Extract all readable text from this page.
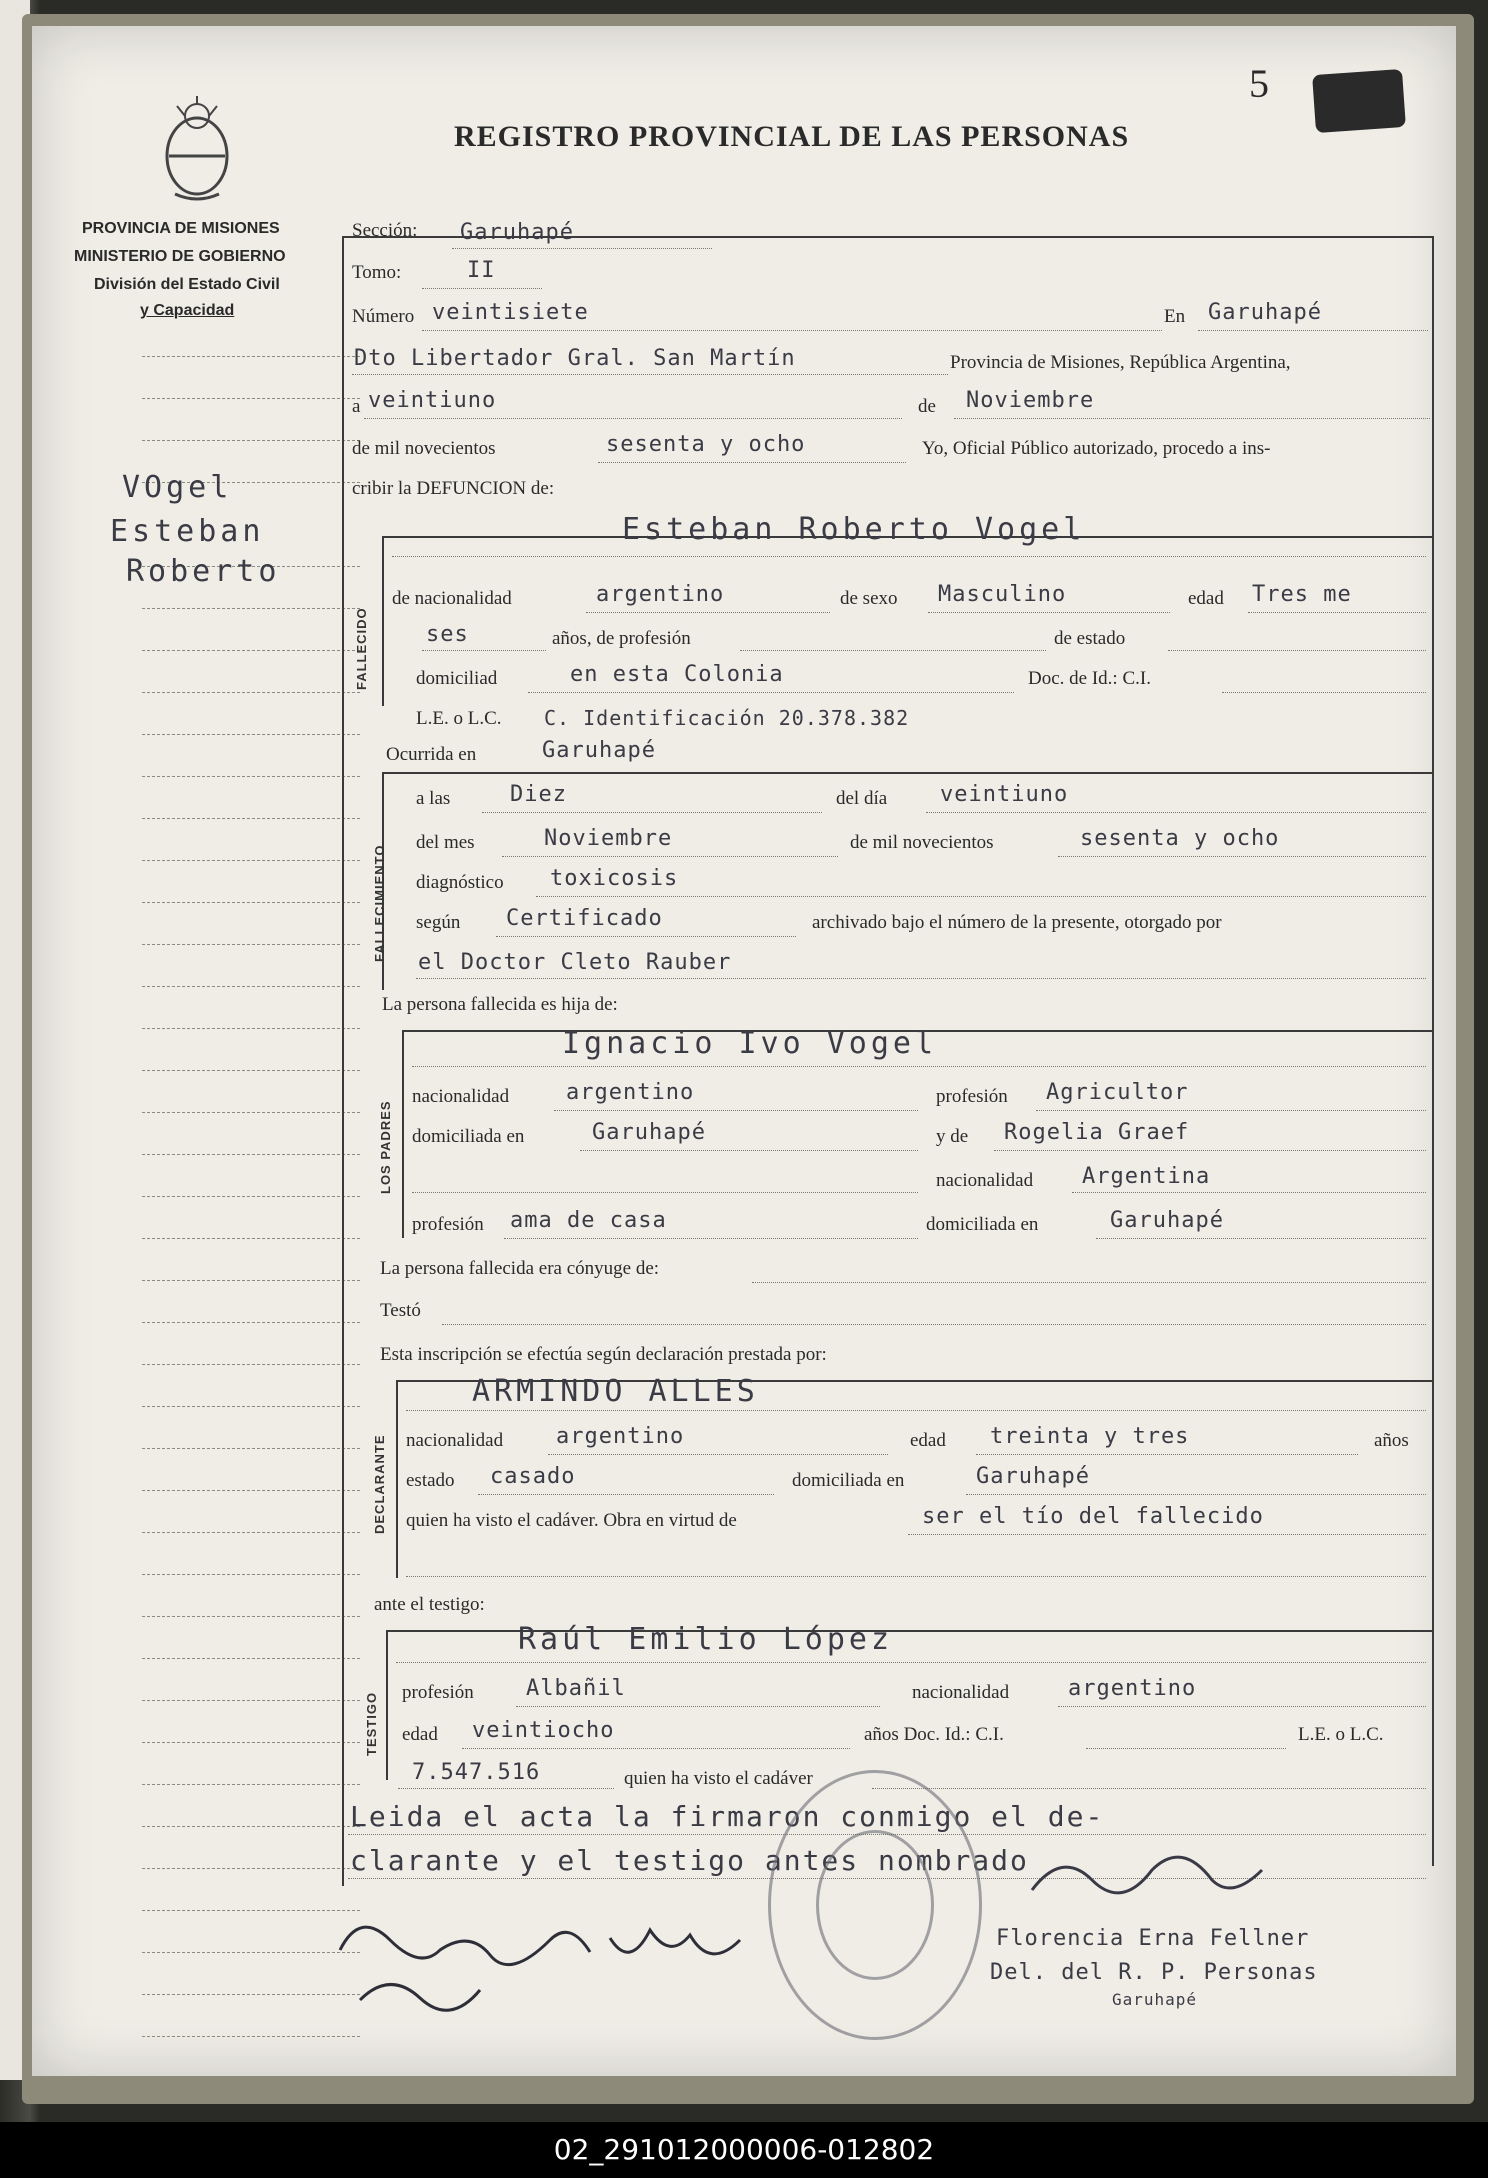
5
REGISTRO PROVINCIAL DE LAS PERSONAS
PROVINCIA DE MISIONES
MINISTERIO DE GOBIERNO
División del Estado Civil
y Capacidad
VOgel
Esteban
Roberto
Sección: Garuhapé
Tomo:	II
Número veintisiete	En Garuhapé
Dto Libertador Gral. San Martín	Provincia de Misiones, República Argentina,
a veintiuno	de Noviembre
de mil novecientos	sesenta y ocho	Yo, Oficial Público autorizado, procedo a ins-
cribir la DEFUNCION de:
FALLECIDO
Esteban Roberto Vogel
de nacionalidad	argentino	de sexo Masculino	edad Tres me
ses	años, de profesión	de estado
domiciliad	en esta Colonia	Doc. de Id.: C.I.
L.E. o L.C. C. Identificación 20.378.382
Ocurrida en	Garuhapé
FALLECIMIENTO
a las	Diez	del día veintiuno
del mes	Noviembre	de mil novecientos	sesenta y ocho
diagnóstico toxicosis
según Certificado	archivado bajo el número de la presente, otorgado por
el Doctor Cleto Rauber
La persona fallecida es hija de:
LOS PADRES
Ignacio Ivo Vogel
nacionalidad	argentino	profesión Agricultor
domiciliada en	Garuhapé	y de Rogelia Graef
nacionalidad Argentina
profesión ama de casa	domiciliada en	Garuhapé
La persona fallecida era cónyuge de:
Testó
Esta inscripción se efectúa según declaración prestada por:
DECLARANTE
ARMINDO ALLES
nacionalidad argentino	edad treinta y tres	años
estado casado	domiciliada en	Garuhapé
quien ha visto el cadáver. Obra en virtud de	ser el tío del fallecido
ante el testigo:
TESTIGO
Raúl Emilio López
profesión Albañil	nacionalidad	argentino
edad veintiocho	años Doc. Id.: C.I.	L.E. o L.C.
7.547.516	quien ha visto el cadáver
Leida el acta la firmaron conmigo el de-
clarante y el testigo antes nombrado
Florencia Erna Fellner
Del. del R. P. Personas
Garuhapé
02_291012000006-012802
